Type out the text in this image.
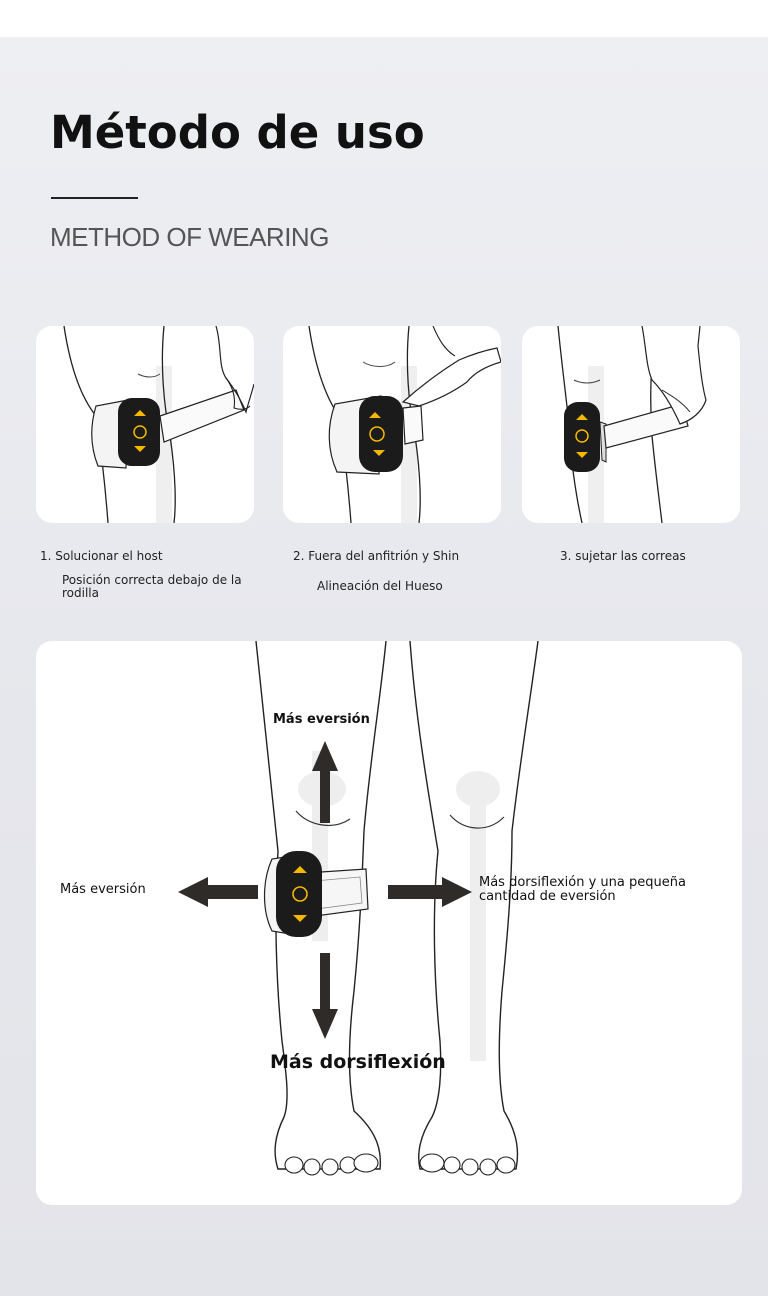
Método de uso
METHOD OF WEARING
1. Solucionar el host
Posición correcta debajo de la rodilla
2. Fuera del anfitrión y Shin
Alineación del Hueso
3. sujetar las correas
Más eversión
Más eversión	Más dorsiflexión y una pequeña cantidad de eversión
Más dorsiflexión
